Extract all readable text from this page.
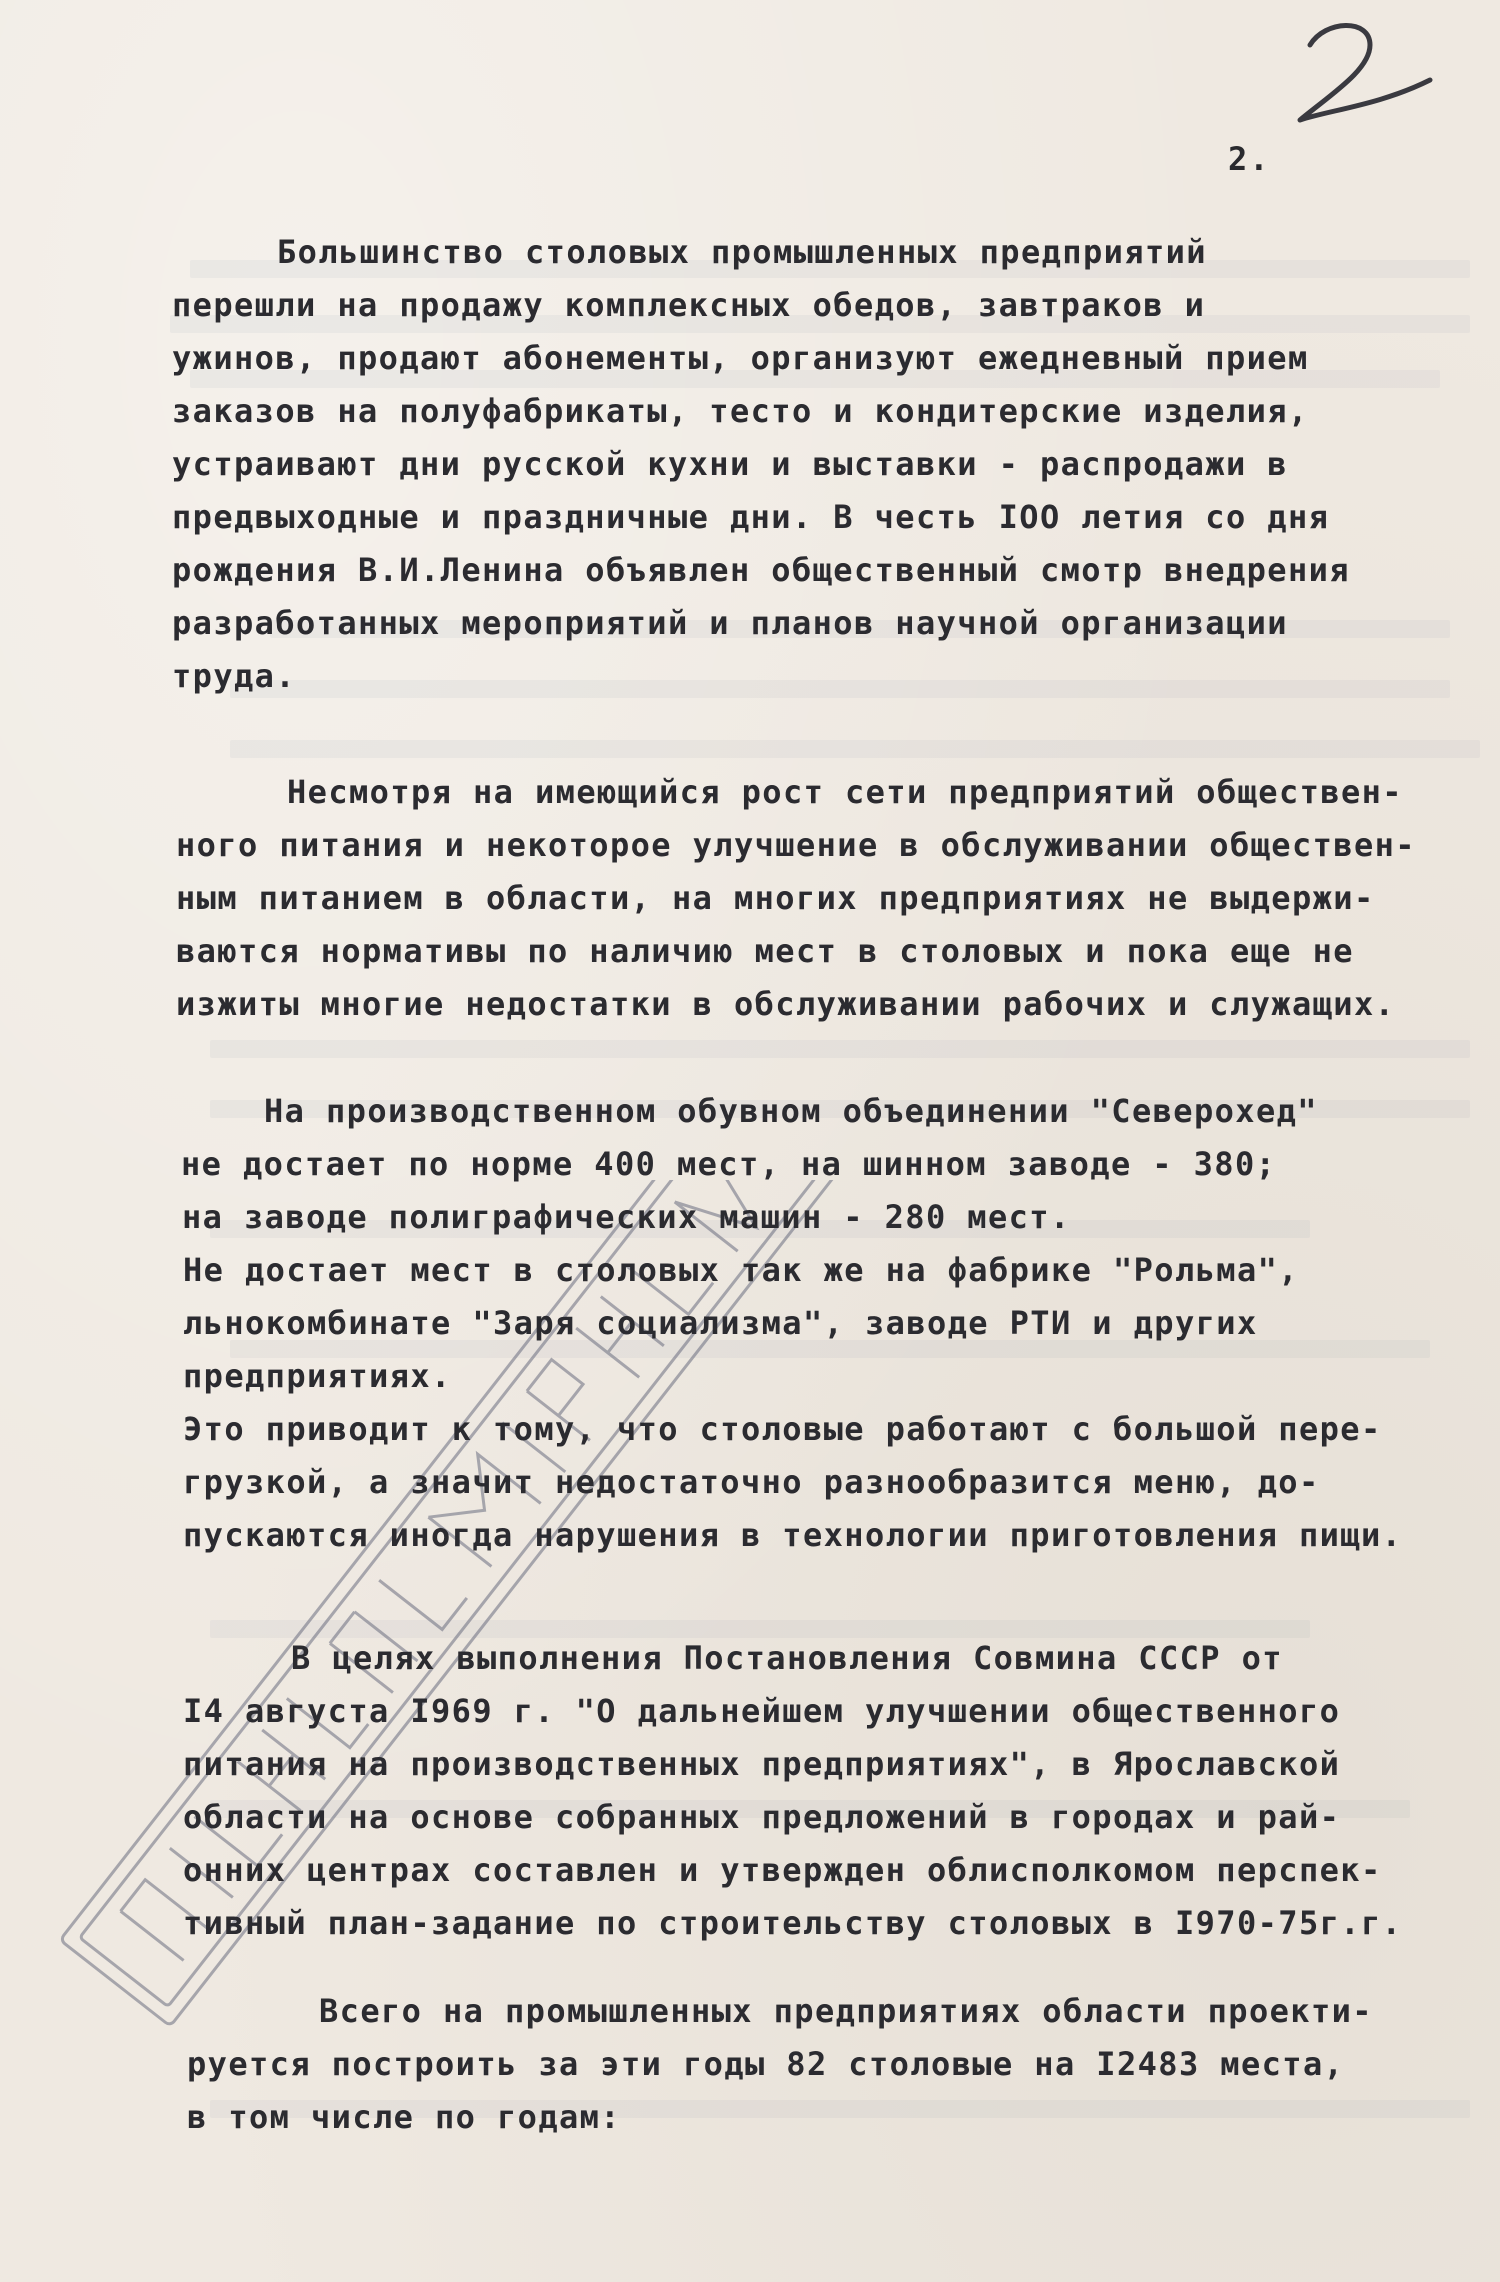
2.
Большинство столовых промышленных предприятий
перешли на продажу комплексных обедов, завтраков и
ужинов, продают абонементы, организуют ежедневный прием
заказов на полуфабрикаты, тесто и кондитерские изделия,
устраивают дни русской кухни и выставки - распродажи в
предвыходные и праздничные дни. В честь IOO летия со дня
рождения В.И.Ленина объявлен общественный смотр внедрения
разработанных мероприятий и планов научной организации
труда.
Несмотря на имеющийся рост сети предприятий обществен-
ного питания и некоторое улучшение в обслуживании обществен-
ным питанием в области, на многих предприятиях не выдержи-
ваются нормативы по наличию мест в столовых и пока еще не
изжиты многие недостатки в обслуживании рабочих и служащих.
На производственном обувном объединении "Северохед"
не достает по норме 400 мест, на шинном заводе - 380;
на заводе полиграфических машин - 280 мест.
Не достает мест в столовых так же на фабрике "Рольма",
льнокомбинате "Заря социализма", заводе РТИ и других
предприятиях.
Это приводит к тому, что столовые работают с большой пере-
грузкой, а значит недостаточно разнообразится меню, до-
пускаются иногда нарушения в технологии приготовления пищи.
В целях выполнения Постановления Совмина СССР от
I4 августа I969 г. "О дальнейшем улучшении общественного
питания на производственных предприятиях", в Ярославской
области на основе собранных предложений в городах и рай-
онних центрах составлен и утвержден облисполкомом перспек-
тивный план-задание по строительству столовых в I970-75г.г.
Всего на промышленных предприятиях области проекти-
руется построить за эти годы 82 столовые на I2483 места,
в том числе по годам:
